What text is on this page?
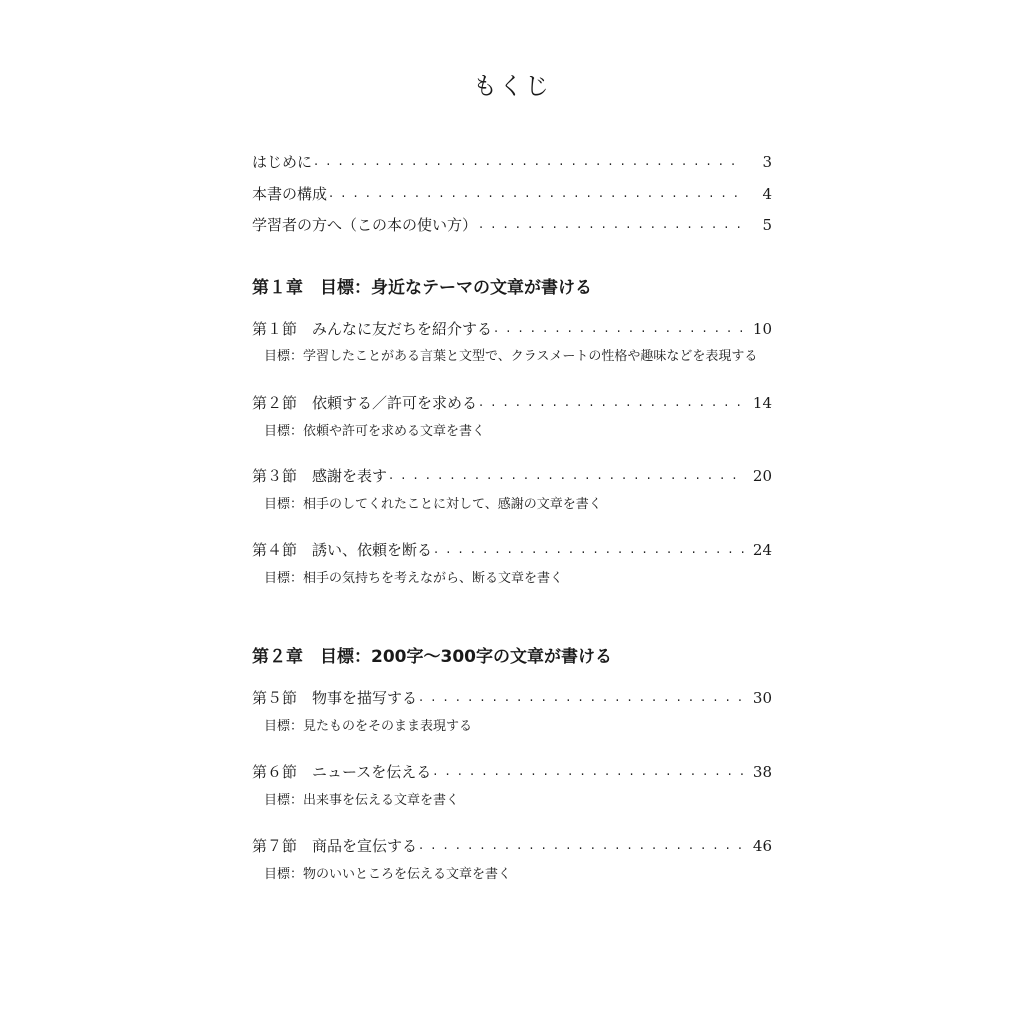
もくじ
はじめに . . .	3
本書の構成 . . .	4
学習者の方へ（この本の使い方） . . .	5
第１章　目標：身近なテーマの文章が書ける
第１節　みんなに友だちを紹介する . . .	10
目標：学習したことがある言葉と文型で、クラスメートの性格や趣味などを表現する
第２節　依頼する／許可を求める . . .	14
目標：依頼や許可を求める文章を書く
第３節　感謝を表す . . .	20
目標：相手のしてくれたことに対して、感謝の文章を書く
第４節　誘い、依頼を断る . . .	24
目標：相手の気持ちを考えながら、断る文章を書く
第２章　目標：200字〜300字の文章が書ける
第５節　物事を描写する . . .	30
目標：見たものをそのまま表現する
第６節　ニュースを伝える . . .	38
目標：出来事を伝える文章を書く
第７節　商品を宣伝する . . .	46
目標：物のいいところを伝える文章を書く
